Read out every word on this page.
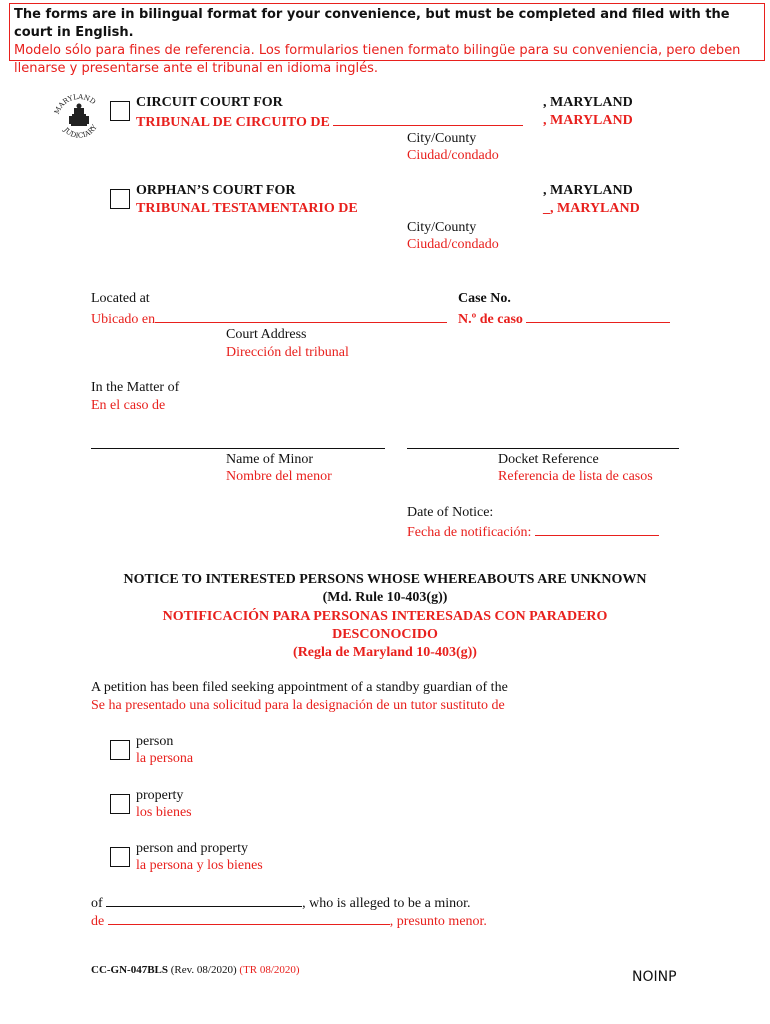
The forms are in bilingual format for your convenience, but must be completed and filed with the court in English.
Modelo sólo para fines de referencia. Los formularios tienen formato bilingüe para su conveniencia, pero deben llenarse y presentarse ante el tribunal en idioma inglés.
MARYLAND
JUDICIARY
CIRCUIT COURT FOR
TRIBUNAL DE CIRCUITO DE
, MARYLAND
, MARYLAND
City/County
Ciudad/condado
ORPHAN’S COURT FOR
TRIBUNAL TESTAMENTARIO DE
, MARYLAND
_, MARYLAND
City/County
Ciudad/condado
Located at
Ubicado en
Court Address
Dirección del tribunal
Case No.
N.º de caso
In the Matter of
En el caso de
Name of Minor
Nombre del menor
Docket Reference
Referencia de lista de casos
Date of Notice:
Fecha de notificación:
NOTICE TO INTERESTED PERSONS WHOSE WHEREABOUTS ARE UNKNOWN
(Md. Rule 10-403(g))
NOTIFICACIÓN PARA PERSONAS INTERESADAS CON PARADERO
DESCONOCIDO
(Regla de Maryland 10-403(g))
A petition has been filed seeking appointment of a standby guardian of the
Se ha presentado una solicitud para la designación de un tutor sustituto de
person
la persona
property
los bienes
person and property
la persona y los bienes
of	, who is alleged to be a minor.
de	, presunto menor.
CC-GN-047BLS (Rev. 08/2020) (TR 08/2020)	NOINP
